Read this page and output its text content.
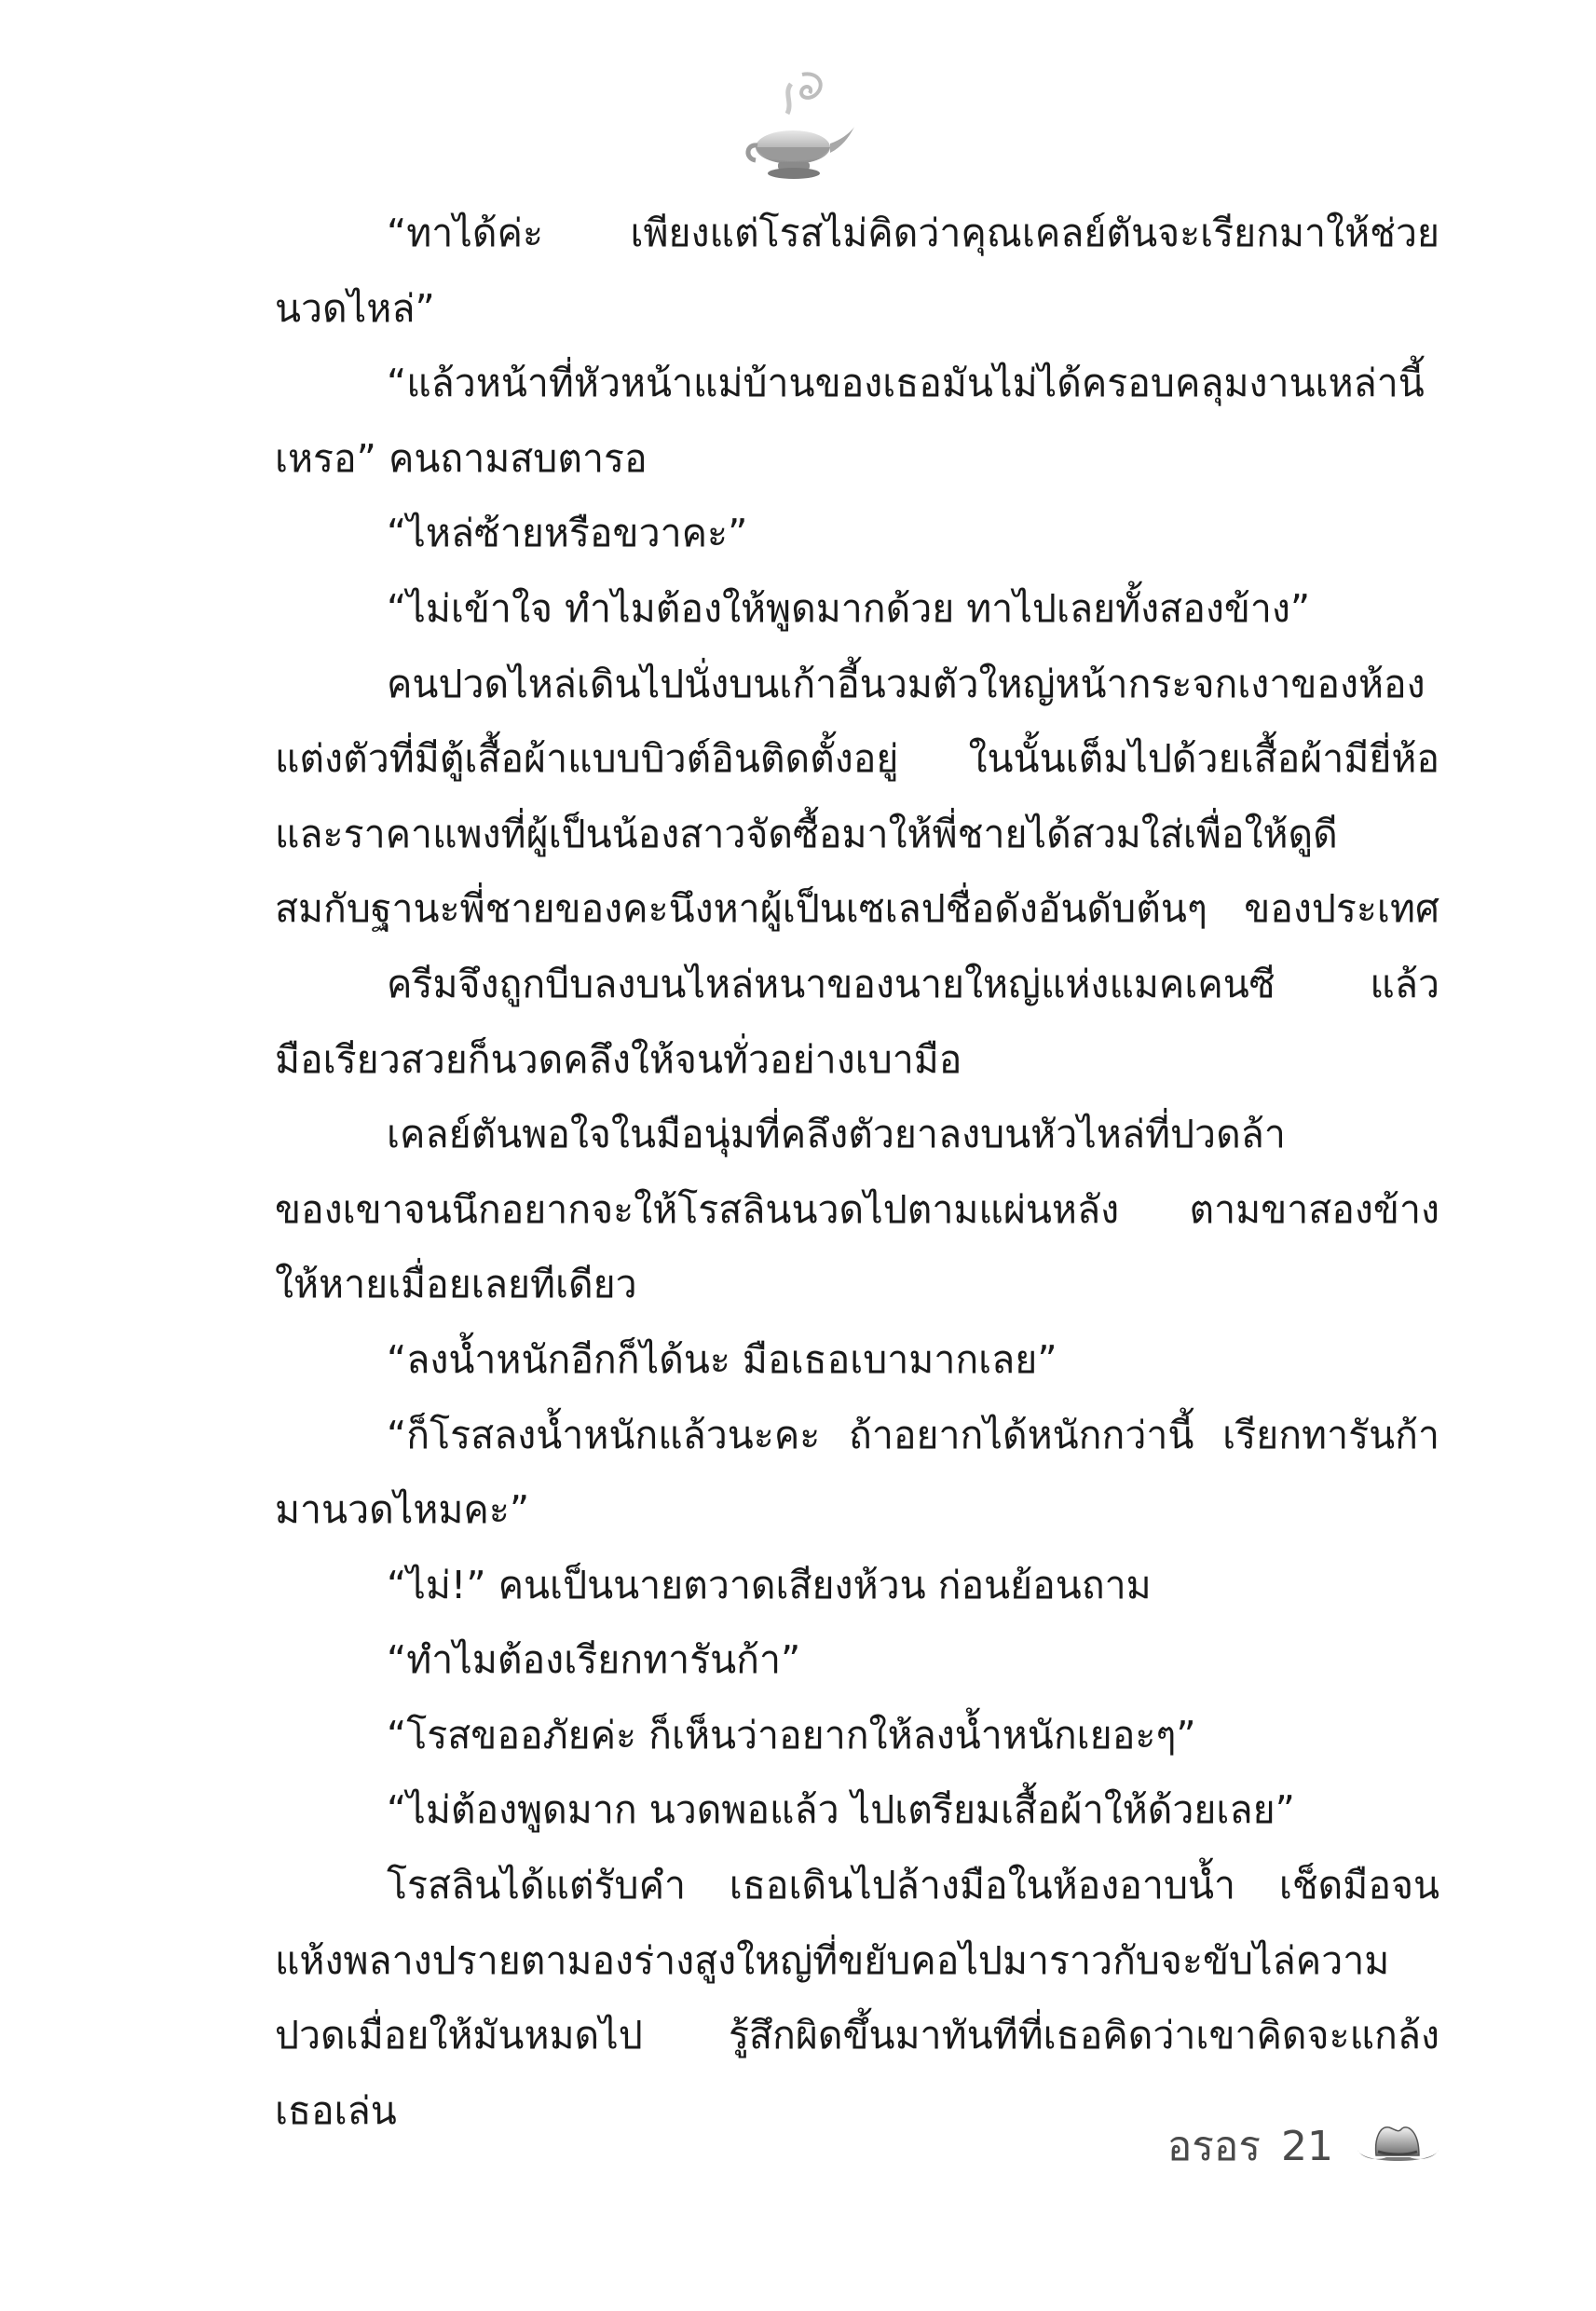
“ทาได้ค่ะ เพียงแต่โรสไม่คิดว่าคุณเคลย์ตันจะเรียกมาให้ช่วย
นวดไหล่”
“แล้วหน้าที่หัวหน้าแม่บ้านของเธอมันไม่ได้ครอบคลุมงานเหล่านี้
เหรอ” คนถามสบตารอ
“ไหล่ซ้ายหรือขวาคะ”
“ไม่เข้าใจ ทำไมต้องให้พูดมากด้วย ทาไปเลยทั้งสองข้าง”
คนปวดไหล่เดินไปนั่งบนเก้าอี้นวมตัวใหญ่หน้ากระจกเงาของห้อง
แต่งตัวที่มีตู้เสื้อผ้าแบบบิวต์อินติดตั้งอยู่ ในนั้นเต็มไปด้วยเสื้อผ้ามียี่ห้อ
และราคาแพงที่ผู้เป็นน้องสาวจัดซื้อมาให้พี่ชายได้สวมใส่เพื่อให้ดูดี
สมกับฐานะพี่ชายของคะนึงหาผู้เป็นเซเลปชื่อดังอันดับต้นๆ ของประเทศ
ครีมจึงถูกบีบลงบนไหล่หนาของนายใหญ่แห่งแมคเคนซี แล้ว
มือเรียวสวยก็นวดคลึงให้จนทั่วอย่างเบามือ
เคลย์ตันพอใจในมือนุ่มที่คลึงตัวยาลงบนหัวไหล่ที่ปวดล้า
ของเขาจนนึกอยากจะให้โรสลินนวดไปตามแผ่นหลัง ตามขาสองข้าง
ให้หายเมื่อยเลยทีเดียว
“ลงน้ำหนักอีกก็ได้นะ มือเธอเบามากเลย”
“ก็โรสลงน้ำหนักแล้วนะคะ ถ้าอยากได้หนักกว่านี้ เรียกทารันก้า
มานวดไหมคะ”
“ไม่!” คนเป็นนายตวาดเสียงห้วน ก่อนย้อนถาม
“ทำไมต้องเรียกทารันก้า”
“โรสขออภัยค่ะ ก็เห็นว่าอยากให้ลงน้ำหนักเยอะๆ”
“ไม่ต้องพูดมาก นวดพอแล้ว ไปเตรียมเสื้อผ้าให้ด้วยเลย”
โรสลินได้แต่รับคำ เธอเดินไปล้างมือในห้องอาบน้ำ เช็ดมือจน
แห้งพลางปรายตามองร่างสูงใหญ่ที่ขยับคอไปมาราวกับจะขับไล่ความ
ปวดเมื่อยให้มันหมดไป รู้สึกผิดขึ้นมาทันทีที่เธอคิดว่าเขาคิดจะแกล้ง
เธอเล่น
อรอร 21
